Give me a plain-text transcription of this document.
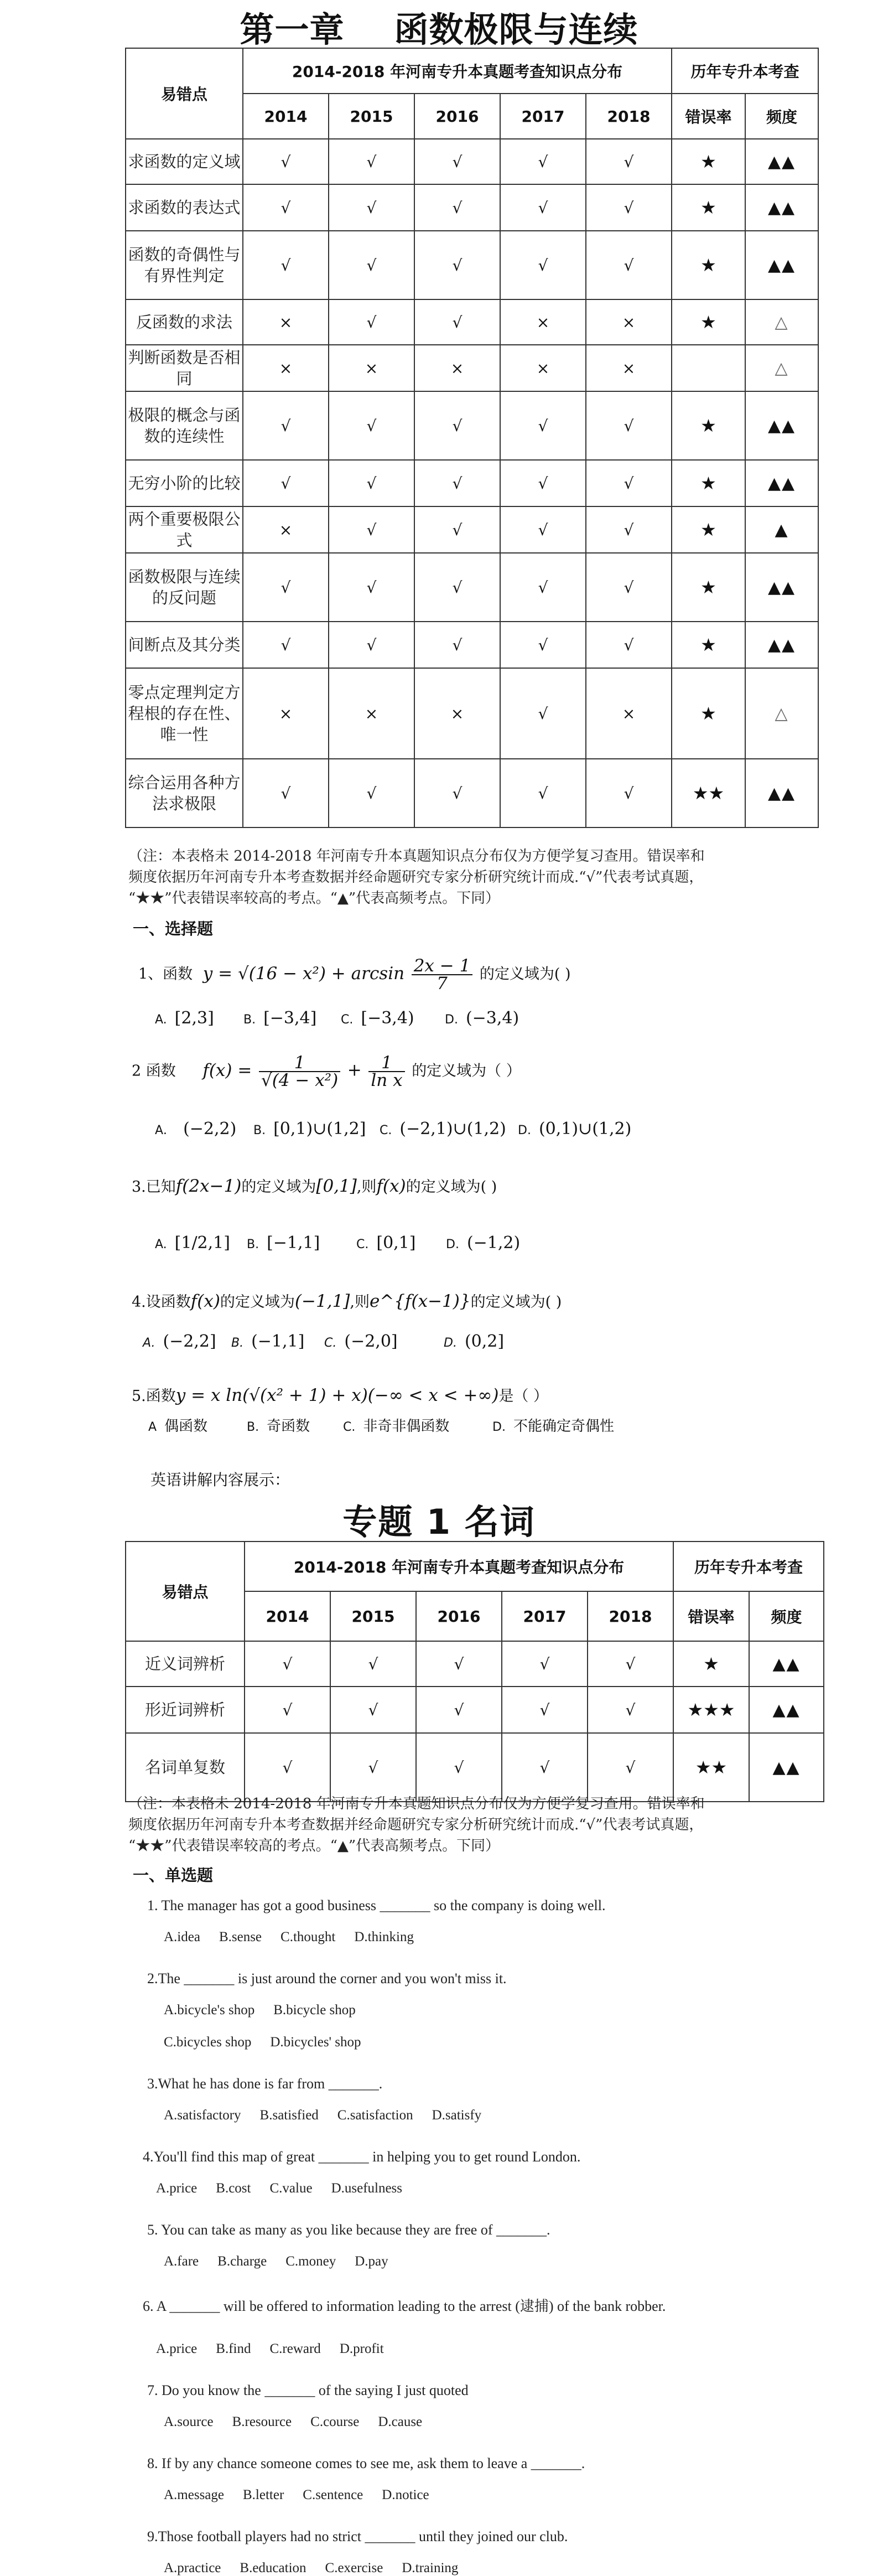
第一章 函数极限与连续
易错点	2014-2018 年河南专升本真题考查知识点分布					历年专升本考查	
	2014	2015	2016	2017	2018	错误率	频度
求函数的定义域	√	√	√	√	√	★	▲▲
求函数的表达式	√	√	√	√	√	★	▲▲
函数的奇偶性与有界性判定	√	√	√	√	√	★	▲▲
反函数的求法	×	√	√	×	×	★	△
判断函数是否相同	×	×	×	×	×		△
极限的概念与函数的连续性	√	√	√	√	√	★	▲▲
无穷小阶的比较	√	√	√	√	√	★	▲▲
两个重要极限公式	×	√	√	√	√	★	▲
函数极限与连续的反问题	√	√	√	√	√	★	▲▲
间断点及其分类	√	√	√	√	√	★	▲▲
零点定理判定方程根的存在性、唯一性	×	×	×	√	×	★	△
综合运用各种方法求极限	√	√	√	√	√	★★	▲▲
（注：本表格未 2014-2018 年河南专升本真题知识点分布仅为方便学复习查用。错误率和
频度依据历年河南专升本考查数据并经命题研究专家分析研究统计而成.“√”代表考试真题，
“★★”代表错误率较高的考点。“▲”代表高频考点。下同）
一、选择题
1、函数 $y = √(16 - x^2) + \arcsin \frac{2x - 1}{7}$ 的定义域为( )
A. [2,3] B. [−3,4] C. [−3,4)	D. (−3,4)
2 函数 $f(x) = \frac{1}{\text{√(4 − x²)}} + \frac{1}{\text{ln x}}$ 的定义域为（ ）
A． (−2,2) B. [0,1)∪(1,2] C. (−2,1)∪(1,2) D. (0,1)∪(1,2)
3.已知f(2x−1)的定义域为[0,1],则f(x)的定义域为( )
A. [1/2,1] B. [−1,1]	C. [0,1] D. (−1,2)
4.设函数f(x)的定义域为(−1,1],则e^{f(x−1)}的定义域为( )
A. (−2,2] B. (−1,1] C. (−2,0]	D. (0,2]
5.函数y = x ln(√(x² + 1) + x)(−∞ < x < +∞)是（ ）
A 偶函数	B. 奇函数	C. 非奇非偶函数	D. 不能确定奇偶性
英语讲解内容展示：
专题 1 名词
易错点	2014-2018 年河南专升本真题考查知识点分布					历年专升本考查	
	2014	2015	2016	2017	2018	错误率	频度
近义词辨析	√	√	√	√	√	★	▲▲
形近词辨析	√	√	√	√	√	★★★	▲▲
名词单复数	√	√	√	√	√	★★	▲▲
（注：本表格未 2014-2018 年河南专升本真题知识点分布仅为方便学复习查用。错误率和
频度依据历年河南专升本考查数据并经命题研究专家分析研究统计而成.“√”代表考试真题，
“★★”代表错误率较高的考点。“▲”代表高频考点。下同）
一、单选题
1. The manager has got a good business _______ so the company is doing well.
A.idea B.sense C.thought D.thinking
2.The _______ is just around the corner and you won't miss it.
A.bicycle's shop B.bicycle shop
C.bicycles shop D.bicycles' shop
3.What he has done is far from _______.
A.satisfactory B.satisfied C.satisfaction D.satisfy
4.You'll find this map of great _______ in helping you to get round London.
A.price B.cost C.value D.usefulness
5. You can take as many as you like because they are free of _______.
A.fare B.charge C.money D.pay
6. A _______ will be offered to information leading to the arrest (逮捕) of the bank robber.
A.price B.find C.reward D.profit
7. Do you know the _______ of the saying I just quoted
A.source B.resource C.course D.cause
8. If by any chance someone comes to see me, ask them to leave a _______.
A.message B.letter C.sentence D.notice
9.Those football players had no strict _______ until they joined our club.
A.practice B.education C.exercise D.training
